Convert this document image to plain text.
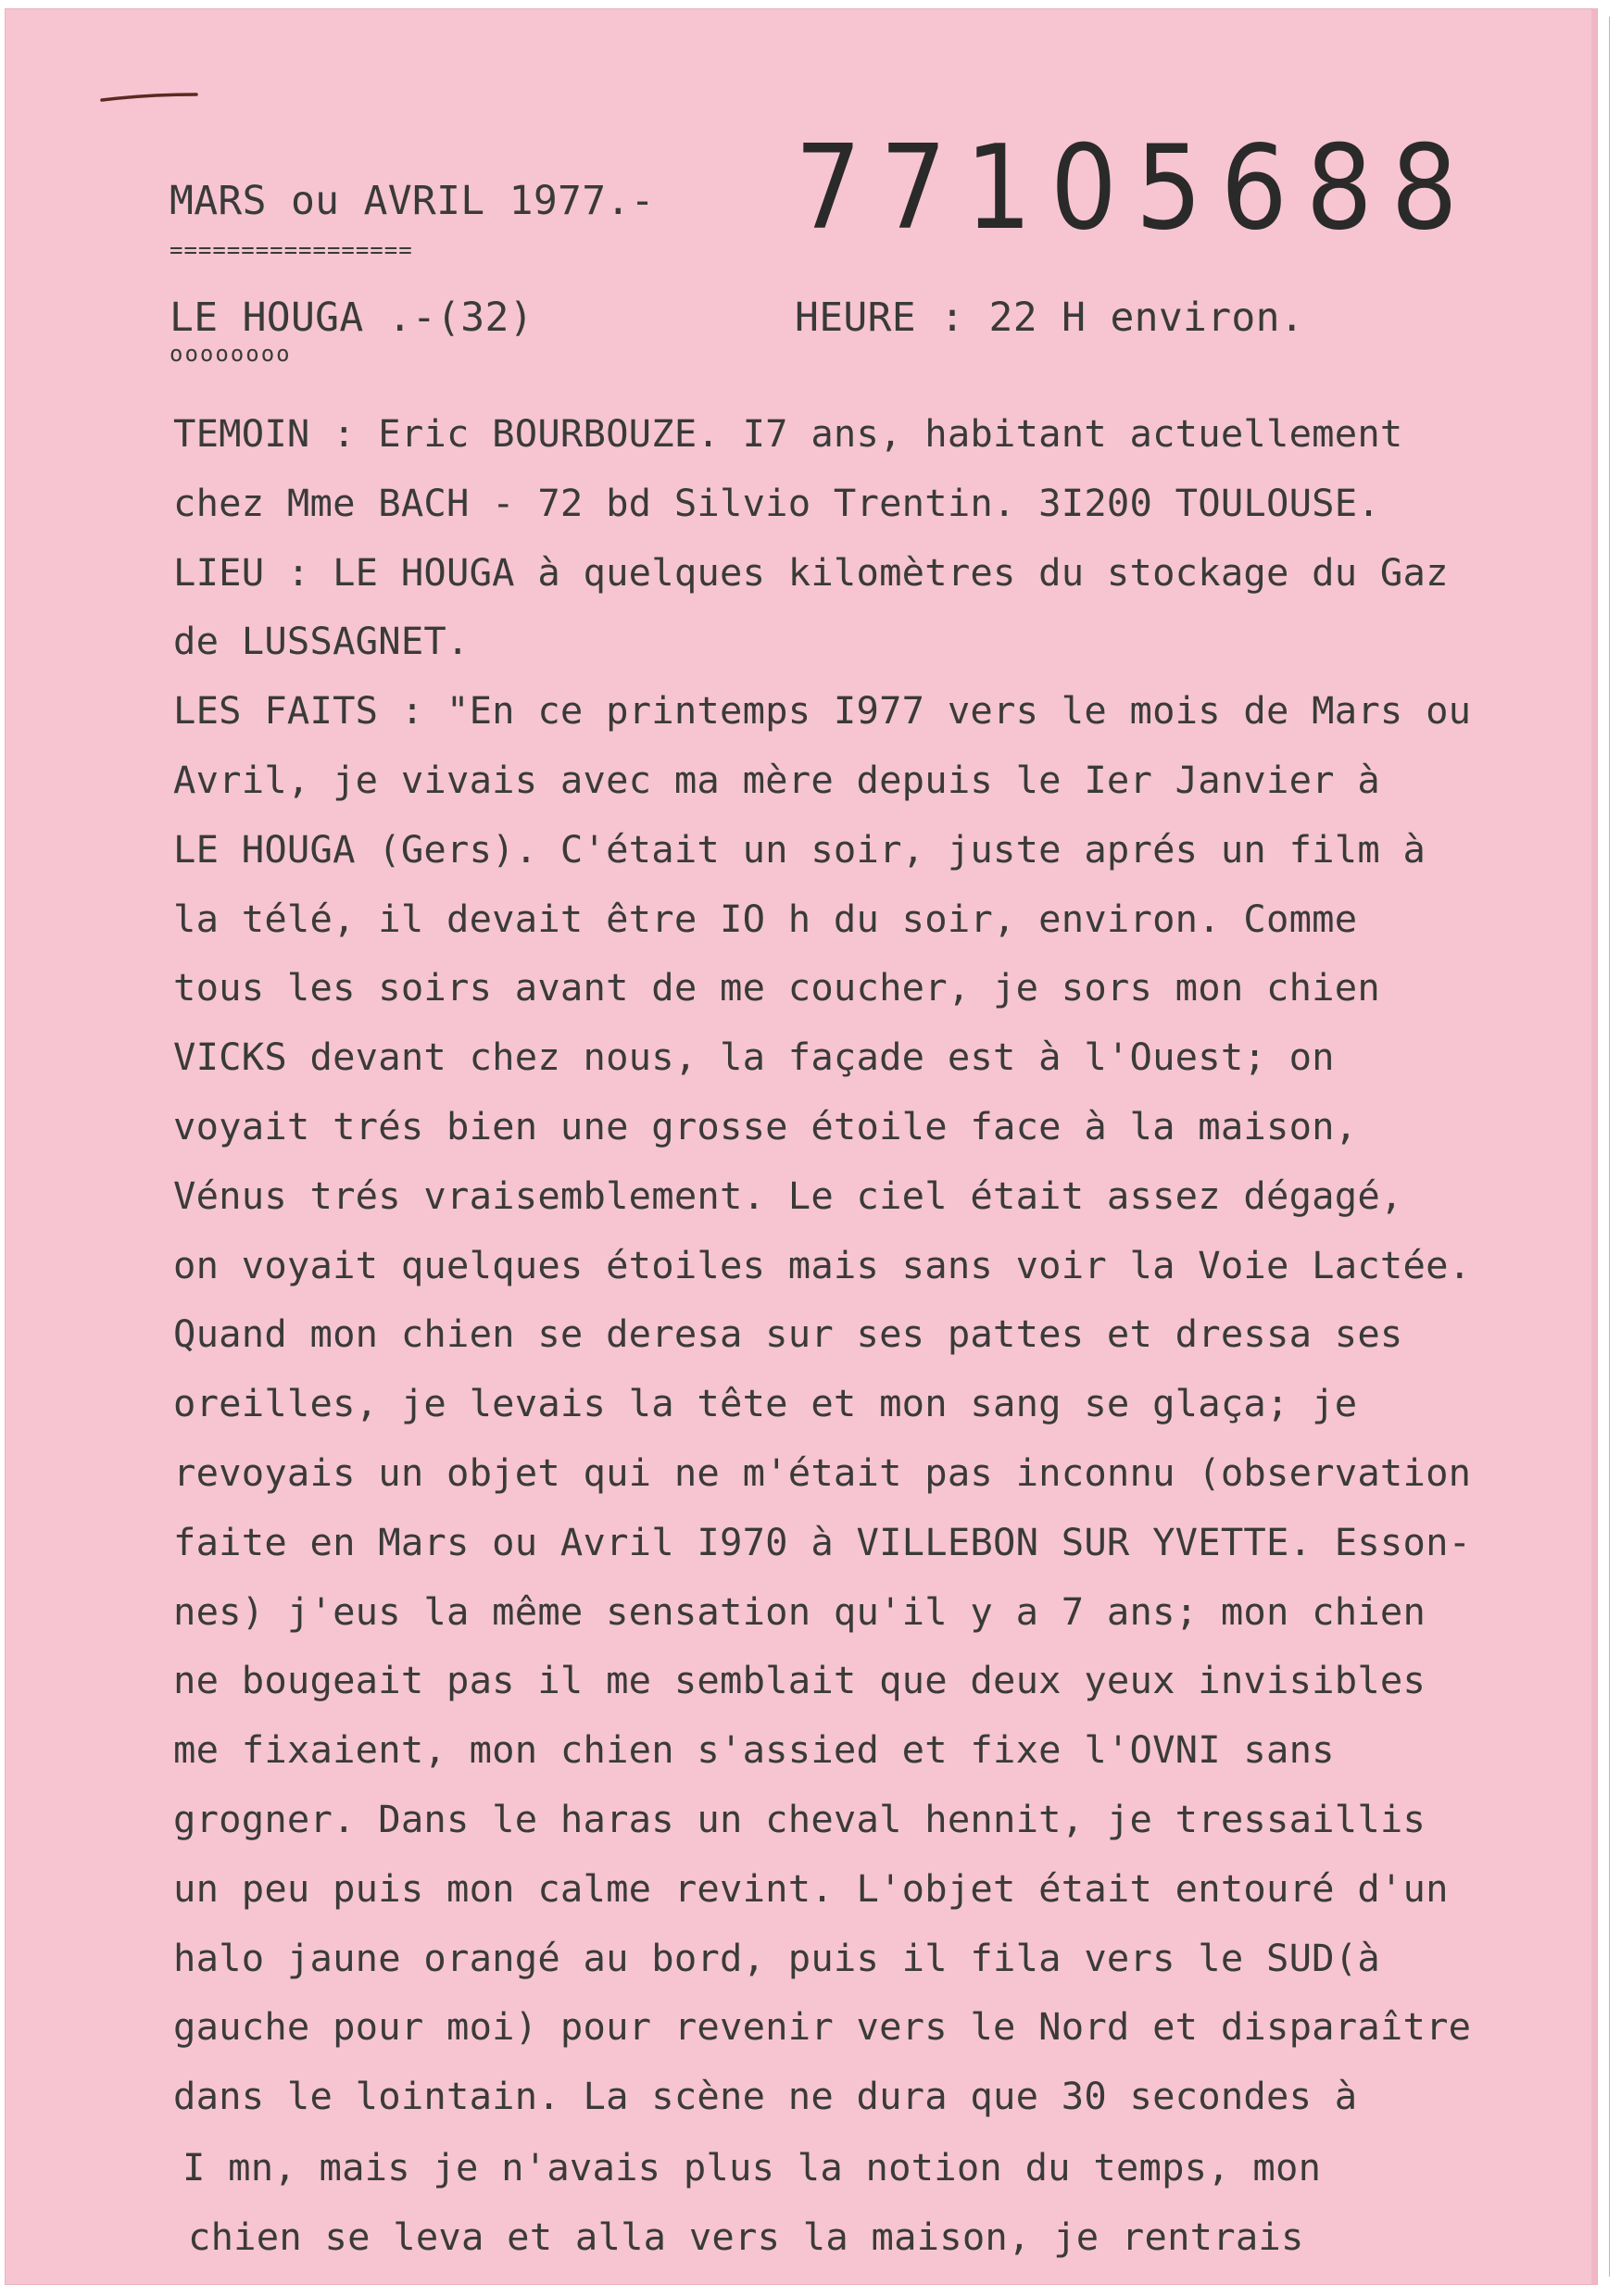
MARS ou AVRIL 1977.-
=================	77105688
LE HOUGA .-(32)
oooooooo
HEURE : 22 H environ.
TEMOIN : Eric BOURBOUZE. I7 ans, habitant actuellement
chez Mme BACH - 72 bd Silvio Trentin. 3I200 TOULOUSE.
LIEU : LE HOUGA à quelques kilomètres du stockage du Gaz
de LUSSAGNET.
LES FAITS : "En ce printemps I977 vers le mois de Mars ou
Avril, je vivais avec ma mère depuis le Ier Janvier à
LE HOUGA (Gers). C'était un soir, juste aprés un film à
la télé, il devait être IO h du soir, environ. Comme
tous les soirs avant de me coucher, je sors mon chien
VICKS devant chez nous, la façade est à l'Ouest; on
voyait trés bien une grosse étoile face à la maison,
Vénus trés vraisemblement. Le ciel était assez dégagé,
on voyait quelques étoiles mais sans voir la Voie Lactée.
Quand mon chien se deresa sur ses pattes et dressa ses
oreilles, je levais la tête et mon sang se glaça; je
revoyais un objet qui ne m'était pas inconnu (observation
faite en Mars ou Avril I970 à VILLEBON SUR YVETTE. Esson-
nes) j'eus la même sensation qu'il y a 7 ans; mon chien
ne bougeait pas il me semblait que deux yeux invisibles
me fixaient, mon chien s'assied et fixe l'OVNI sans
grogner. Dans le haras un cheval hennit, je tressaillis
un peu puis mon calme revint. L'objet était entouré d'un
halo jaune orangé au bord, puis il fila vers le SUD(à
gauche pour moi) pour revenir vers le Nord et disparaître
dans le lointain. La scène ne dura que 30 secondes à
I mn, mais je n'avais plus la notion du temps, mon
chien se leva et alla vers la maison, je rentrais
